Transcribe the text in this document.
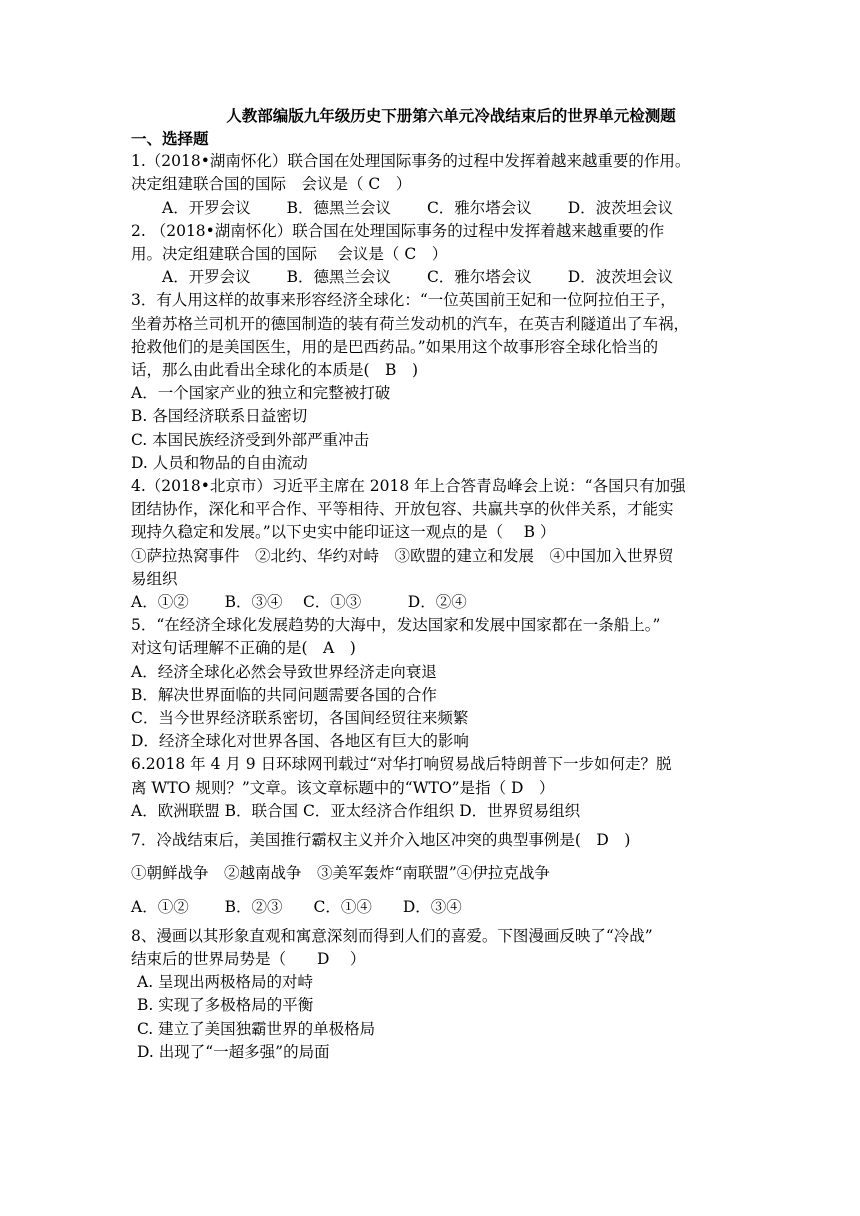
人教部编版九年级历史下册第六单元冷战结束后的世界单元检测题
一、选择题
1.（2018•湖南怀化）联合国在处理国际事务的过程中发挥着越来越重要的作用。
决定组建联合国的国际　会议是（ C　）
A．开罗会议　　 B．德黑兰会议　　 C．雅尔塔会议　　 D．波茨坦会议
2. （2018•湖南怀化）联合国在处理国际事务的过程中发挥着越来越重要的作
用。决定组建联合国的国际　 会议是（ C　）
A．开罗会议　　 B．德黑兰会议　　 C．雅尔塔会议　　 D．波茨坦会议
3．有人用这样的故事来形容经济全球化：“一位英国前王妃和一位阿拉伯王子，
坐着苏格兰司机开的德国制造的装有荷兰发动机的汽车，在英吉利隧道出了车祸，
抢救他们的是美国医生，用的是巴西药品。”如果用这个故事形容全球化恰当的
话，那么由此看出全球化的本质是(　B　)
A．一个国家产业的独立和完整被打破
B. 各国经济联系日益密切
C. 本国民族经济受到外部严重冲击
D. 人员和物品的自由流动
4.（2018•北京市）习近平主席在 2018 年上合答青岛峰会上说：“各国只有加强
团结协作，深化和平合作、平等相待、开放包容、共赢共享的伙伴关系，才能实
现持久稳定和发展。”以下史实中能印证这一观点的是（　 B ）
①萨拉热窝事件　②北约、华约对峙　③欧盟的建立和发展　④中国加入世界贸
易组织
A．①②　　 B．③④　 C．①③　　　D．②④
5．“在经济全球化发展趋势的大海中，发达国家和发展中国家都在一条船上。”
对这句话理解不正确的是(　A　)
A．经济全球化必然会导致世界经济走向衰退
B．解决世界面临的共同问题需要各国的合作
C．当今世界经济联系密切，各国间经贸往来频繁
D．经济全球化对世界各国、各地区有巨大的影响
6.2018 年 4 月 9 日环球网刊载过“对华打响贸易战后特朗普下一步如何走？脱
离 WTO 规则？”文章。该文章标题中的“WTO”是指（ D　）
A．欧洲联盟 B．联合国 C．亚太经济合作组织 D．世界贸易组织
7．冷战结束后，美国推行霸权主义并介入地区冲突的典型事例是(　D　)
①朝鲜战争　②越南战争　③美军轰炸“南联盟”④伊拉克战争
A．①②　　 B．②③　　C．①④　　D．③④
8、漫画以其形象直观和寓意深刻而得到人们的喜爱。下图漫画反映了“冷战”
结束后的世界局势是（　　D　 ）
A. 呈现出两极格局的对峙
B. 实现了多极格局的平衡
C. 建立了美国独霸世界的单极格局
D. 出现了“一超多强”的局面
